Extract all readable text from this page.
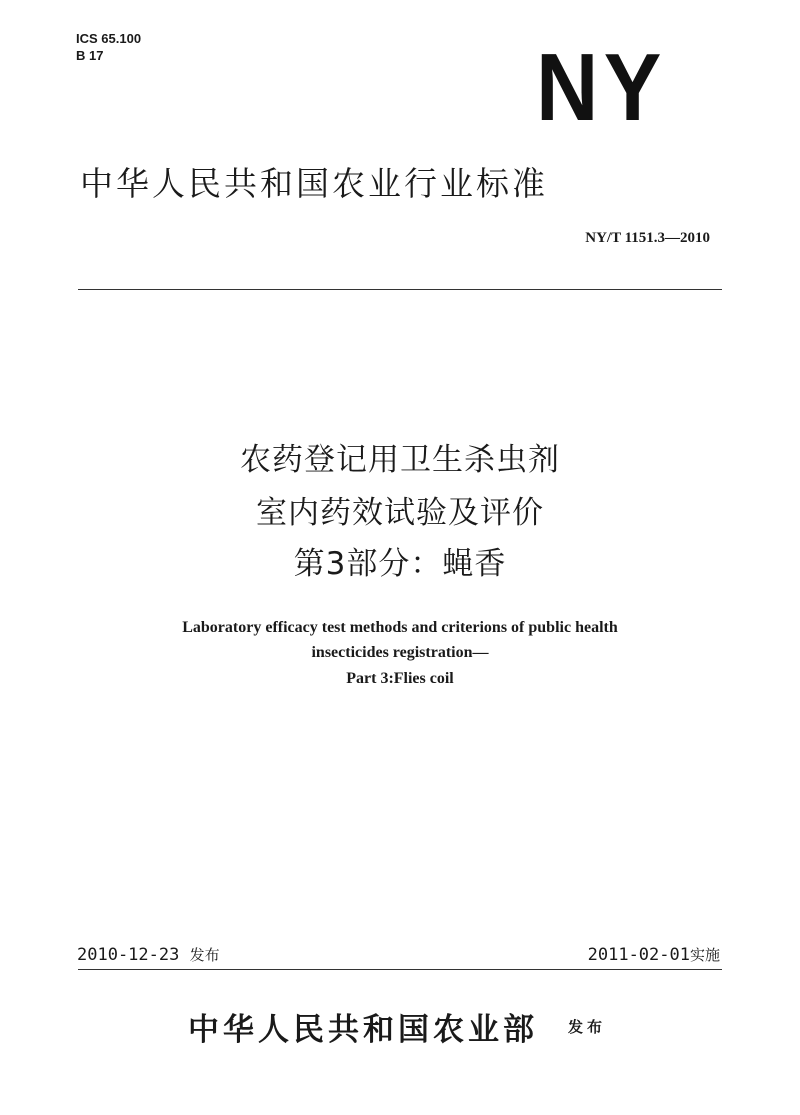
ICS 65.100
B 17	NY
中华人民共和国农业行业标准
NY/T 1151.3—2010
农药登记用卫生杀虫剂
室内药效试验及评价
第3部分：蝇香
Laboratory efficacy test methods and criterions of public health
insecticides registration—
Part 3:Flies coil
2010-12-23 发布	2011-02-01实施
中华人民共和国农业部 发布
